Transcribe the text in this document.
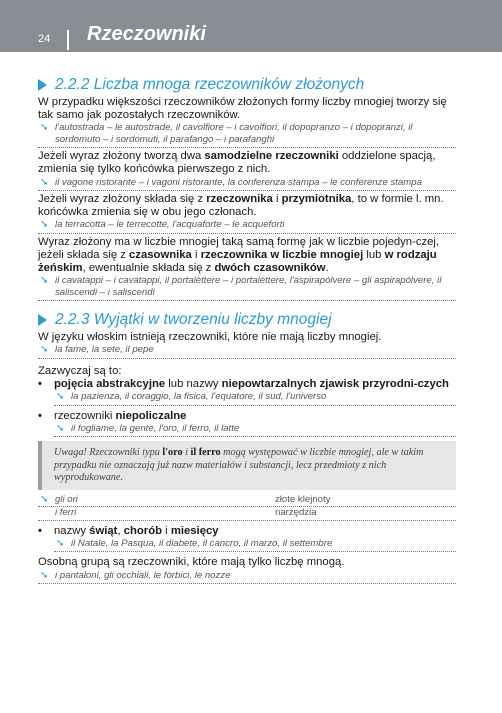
24 Rzeczowniki
2.2.2 Liczba mnoga rzeczowników złożonych

W przypadku większości rzeczowników złożonych formy liczby mnogiej tworzy się tak samo jak pozostałych rzeczowników.

➘ l'autostrada – le autostrade, il cavolfiore – i cavolfiori, il dopopranzo – i dopopranzi, il sordomuto – i sordomuti, il parafango – i parafanghi

Jeżeli wyraz złożony tworzą dwa samodzielne rzeczowniki oddzielone spacją, zmienia się tylko końcówka pierwszego z nich.

➘ il vagone ristorante – i vagoni ristorante, la conferenza stampa – le conferenze stampa

Jeżeli wyraz złożony składa się z rzeczownika i przymiotnika, to w formie l. mn. końcówka zmienia się w obu jego członach.

➘ la terracotta – le terrecotte, l'acquaforte – le acqueforti

Wyraz złożony ma w liczbie mnogiej taką samą formę jak w liczbie pojedyn-czej, jeżeli składa się z czasownika i rzeczownika w liczbie mnogiej lub w rodzaju żeńskim, ewentualnie składa się z dwóch czasowników.

➘ il cavatappi – i cavatappi, il portalèttere – i portalèttere, l'aspirapólvere – gli aspirapólvere, il saliscendi – i saliscendi
2.2.3 Wyjątki w tworzeniu liczby mnogiej

W języku włoskim istnieją rzeczowniki, które nie mają liczby mnogiej.

➘ la fame, la sete, il pepe

Zazwyczaj są to:

•	pojęcia abstrakcyjne lub nazwy niepowtarzalnych zjawisk przyrodni-czych
➘ la pazienza, il coraggio, la fisica, l'equatore, il sud, l'universo
•	rzeczowniki niepoliczalne
➘ il fogliame, la gente, l'oro, il ferro, il latte
Uwaga! Rzeczowniki typu l'oro i il ferro mogą występować w liczbie mnogiej, ale w takim przypadku nie oznaczają już nazw materiałów i substancji, lecz przedmioty z nich wyprodukowane.
➘ gli ori	złote klejnoty
i ferri	narzędzia
•	nazwy świąt, chorób i miesięcy
➘ il Natale, la Pasqua, il diabete, il cancro, il marzo, il settembre

Osobną grupą są rzeczowniki, które mają tylko liczbę mnogą.

➘ i pantaloni, gli occhiali, le fòrbici, le nozze
